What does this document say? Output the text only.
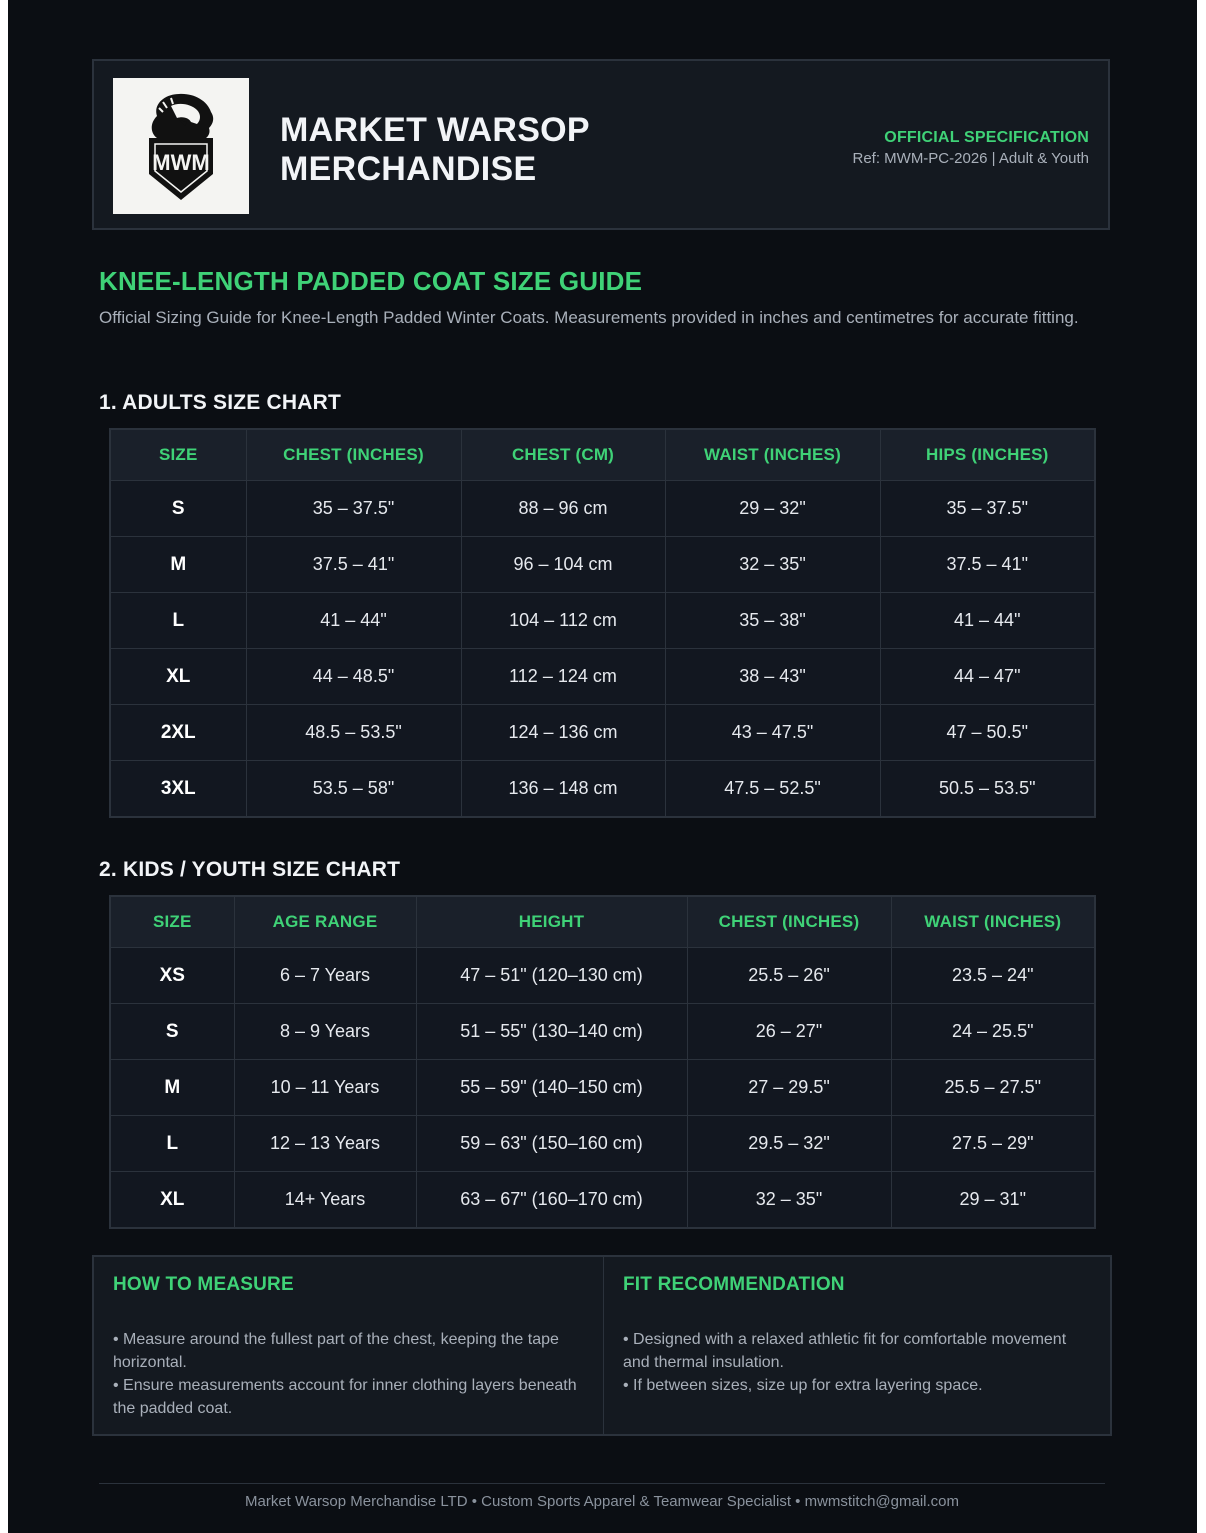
MWM
MARKET WARSOP
MERCHANDISE
OFFICIAL SPECIFICATION
Ref: MWM-PC-2026 | Adult & Youth
KNEE-LENGTH PADDED COAT SIZE GUIDE
Official Sizing Guide for Knee-Length Padded Winter Coats. Measurements provided in inches and centimetres for accurate fitting.
1. ADULTS SIZE CHART
SIZE	CHEST (INCHES)	CHEST (CM)	WAIST (INCHES)	HIPS (INCHES)
S	35 – 37.5"	88 – 96 cm	29 – 32"	35 – 37.5"
M	37.5 – 41"	96 – 104 cm	32 – 35"	37.5 – 41"
L	41 – 44"	104 – 112 cm	35 – 38"	41 – 44"
XL	44 – 48.5"	112 – 124 cm	38 – 43"	44 – 47"
2XL	48.5 – 53.5"	124 – 136 cm	43 – 47.5"	47 – 50.5"
3XL	53.5 – 58"	136 – 148 cm	47.5 – 52.5"	50.5 – 53.5"
2. KIDS / YOUTH SIZE CHART
SIZE	AGE RANGE	HEIGHT	CHEST (INCHES)	WAIST (INCHES)
XS	6 – 7 Years	47 – 51" (120–130 cm)	25.5 – 26"	23.5 – 24"
S	8 – 9 Years	51 – 55" (130–140 cm)	26 – 27"	24 – 25.5"
M	10 – 11 Years	55 – 59" (140–150 cm)	27 – 29.5"	25.5 – 27.5"
L	12 – 13 Years	59 – 63" (150–160 cm)	29.5 – 32"	27.5 – 29"
XL	14+ Years	63 – 67" (160–170 cm)	32 – 35"	29 – 31"
HOW TO MEASURE
• Measure around the fullest part of the chest, keeping the tape horizontal.
• Ensure measurements account for inner clothing layers beneath the padded coat.
FIT RECOMMENDATION
• Designed with a relaxed athletic fit for comfortable movement and thermal insulation.
• If between sizes, size up for extra layering space.
Market Warsop Merchandise LTD • Custom Sports Apparel & Teamwear Specialist • mwmstitch@gmail.com
